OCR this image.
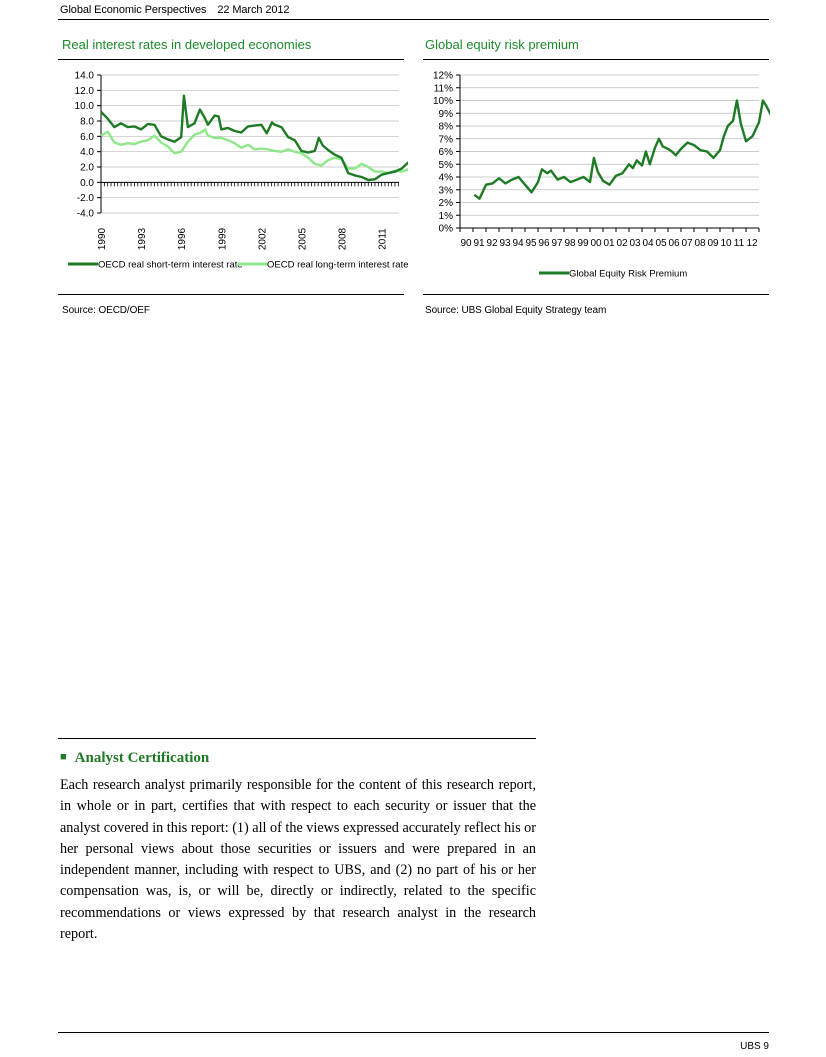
Global Economic Perspectives 22 March 2012
Real interest rates in developed economies	Global equity risk premium
14.0
12.0
10.0
8.0
6.0
4.0
2.0
0.0
-2.0
-4.0
1990	1993	1996	1999	2002	2005	2008	2011
OECD real short-term interest rate	OECD real long-term interest rate
12%
11%
10%
9%
8%
7%
6%
5%
4%
3%
2%
1%
0%
90 91 92 93 94 95 96 97 98 99 00 01 02 03 04 05 06 07 08 09 10 11 12
Global Equity Risk Premium
Source: OECD/OEF	Source: UBS Global Equity Strategy team
■ Analyst Certification
Each research analyst primarily responsible for the content of this research report, in whole or in part, certifies that with respect to each security or issuer that the analyst covered in this report: (1) all of the views expressed accurately reflect his or her personal views about those securities or issuers and were prepared in an independent manner, including with respect to UBS, and (2) no part of his or her compensation was, is, or will be, directly or indirectly, related to the specific recommendations or views expressed by that research analyst in the research report.
UBS 9
